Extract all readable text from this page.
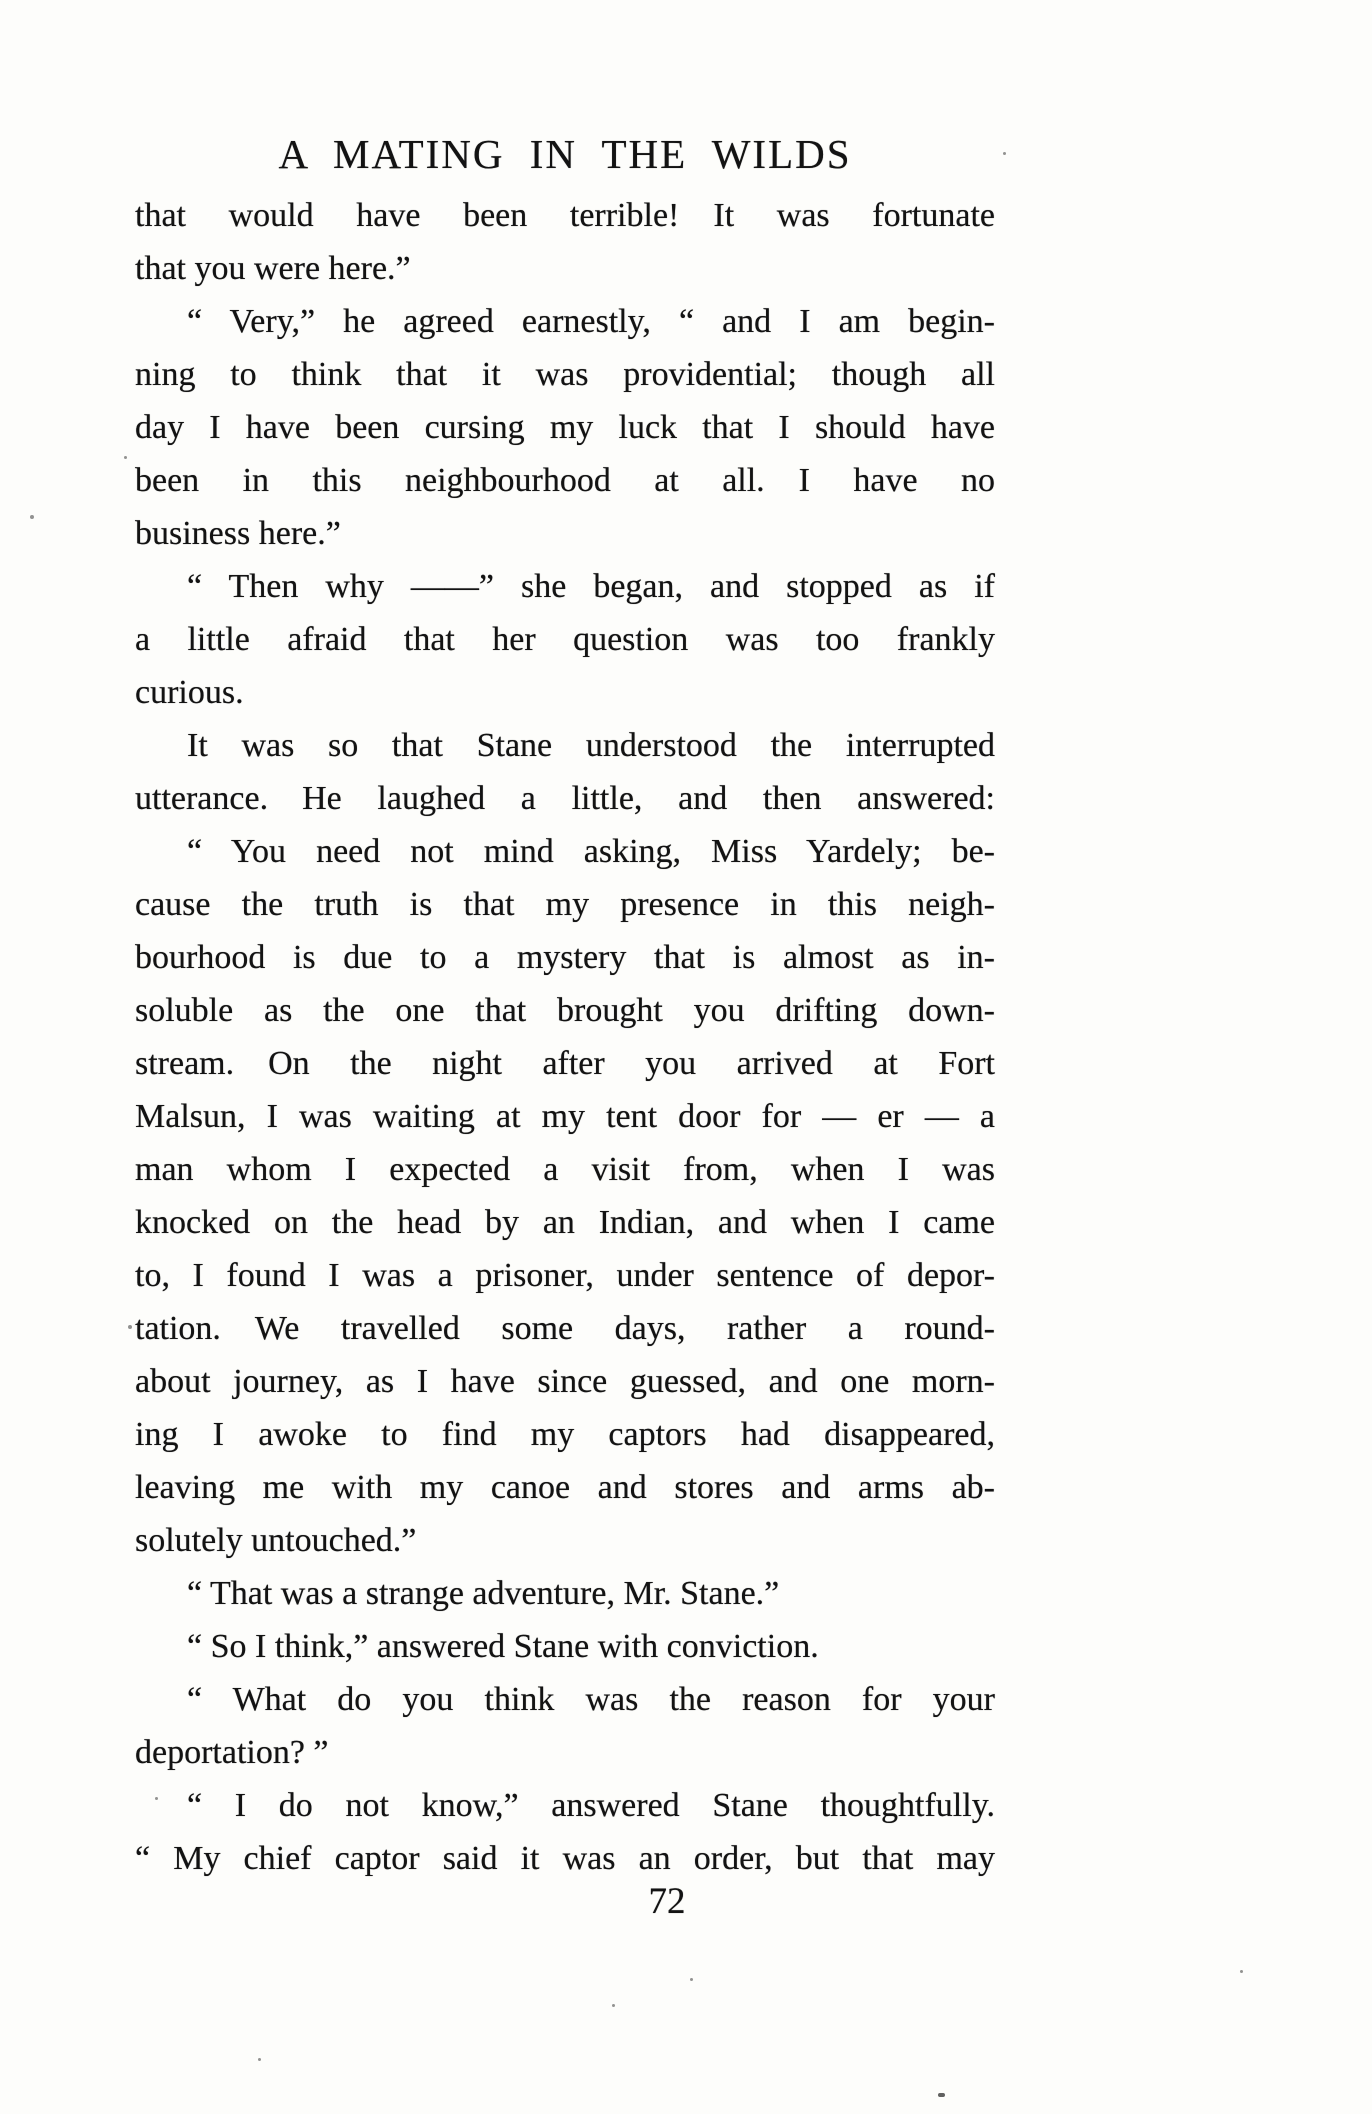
A MATING IN THE WILDS
that would have been terrible! It was fortunate
that you were here.”
“ Very,” he agreed earnestly, “ and I am begin-
ning to think that it was providential; though all
day I have been cursing my luck that I should have
been in this neighbourhood at all. I have no
business here.”
“ Then why ——” she began, and stopped as if
a little afraid that her question was too frankly
curious.
It was so that Stane understood the interrupted
utterance. He laughed a little, and then answered:
“ You need not mind asking, Miss Yardely; be-
cause the truth is that my presence in this neigh-
bourhood is due to a mystery that is almost as in-
soluble as the one that brought you drifting down-
stream. On the night after you arrived at Fort
Malsun, I was waiting at my tent door for — er — a
man whom I expected a visit from, when I was
knocked on the head by an Indian, and when I came
to, I found I was a prisoner, under sentence of depor-
tation. We travelled some days, rather a round-
about journey, as I have since guessed, and one morn-
ing I awoke to find my captors had disappeared,
leaving me with my canoe and stores and arms ab-
solutely untouched.”
“ That was a strange adventure, Mr. Stane.”
“ So I think,” answered Stane with conviction.
“ What do you think was the reason for your
deportation? ”
“ I do not know,” answered Stane thoughtfully.
“ My chief captor said it was an order, but that may
72
